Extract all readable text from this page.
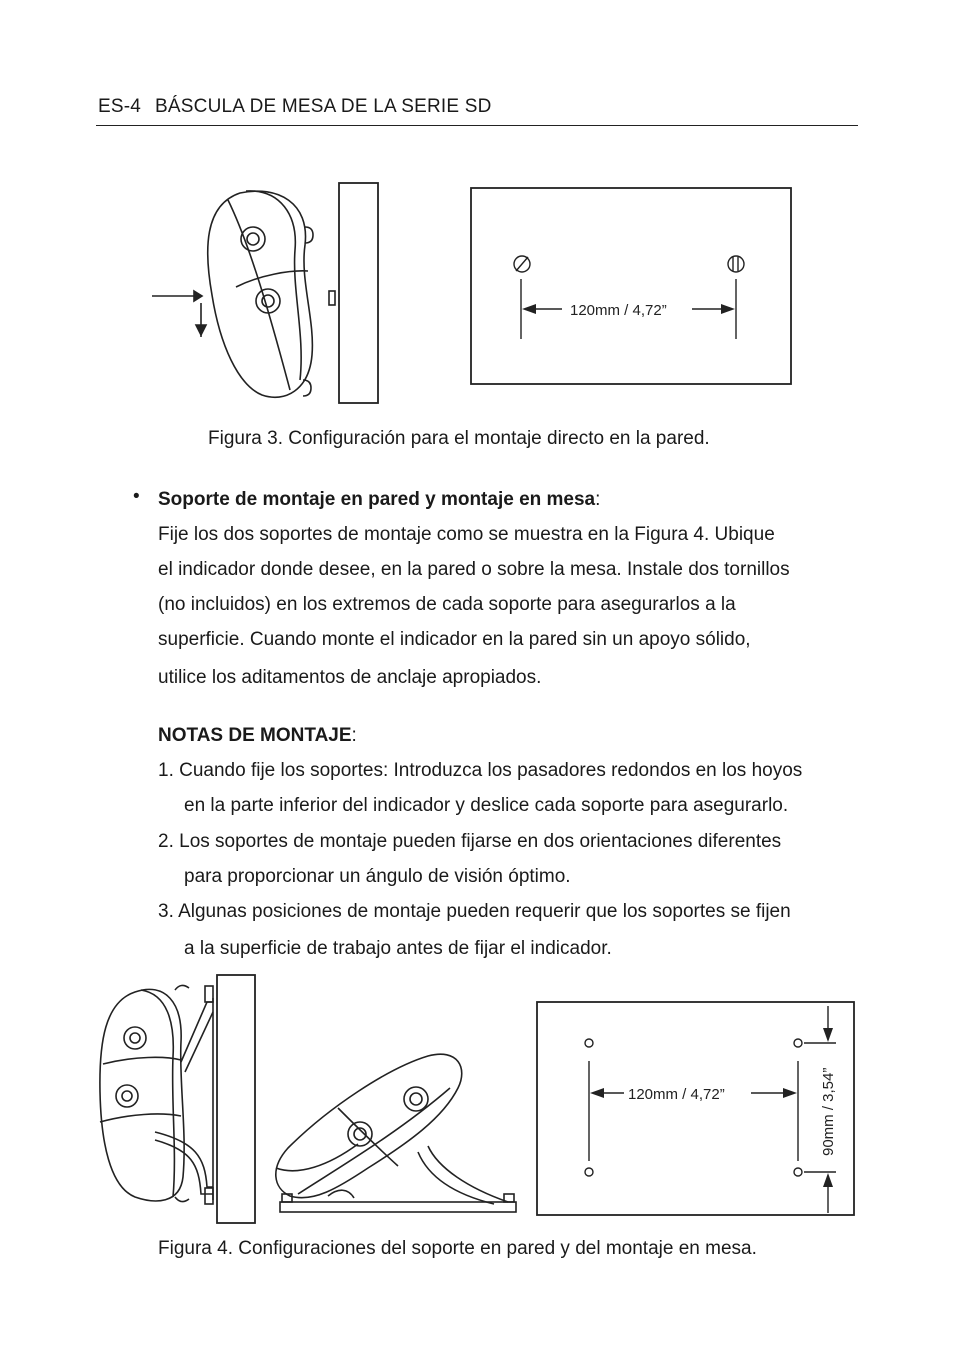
ES-4 BÁSCULA DE MESA DE LA SERIE SD
120mm / 4,72”
Figura 3. Configuración para el montaje directo en la pared.
• Soporte de montaje en pared y montaje en mesa:
Fije los dos soportes de montaje como se muestra en la Figura 4. Ubique
el indicador donde desee, en la pared o sobre la mesa. Instale dos tornillos
(no incluidos) en los extremos de cada soporte para asegurarlos a la
superficie. Cuando monte el indicador en la pared sin un apoyo sólido,
utilice los aditamentos de anclaje apropiados.
NOTAS DE MONTAJE:
1. Cuando fije los soportes: Introduzca los pasadores redondos en los hoyos
en la parte inferior del indicador y deslice cada soporte para asegurarlo.
2. Los soportes de montaje pueden fijarse en dos orientaciones diferentes
para proporcionar un ángulo de visión óptimo.
3. Algunas posiciones de montaje pueden requerir que los soportes se fijen
a la superficie de trabajo antes de fijar el indicador.
120mm / 4,72”	90mm / 3,54”
Figura 4. Configuraciones del soporte en pared y del montaje en mesa.
